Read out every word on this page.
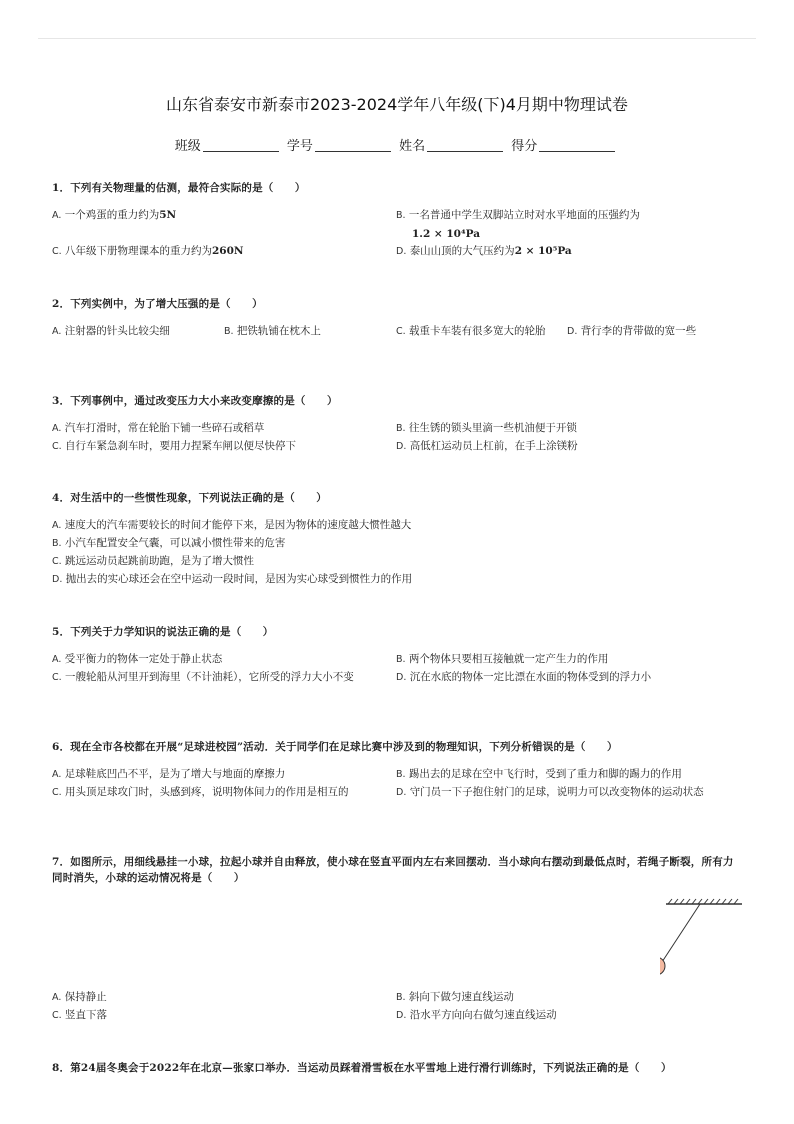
山东省泰安市新泰市2023-2024学年八年级(下)4月期中物理试卷
班级	学号	姓名	得分
1．下列有关物理量的估测，最符合实际的是（　　）
A. 一个鸡蛋的重力约为5N	B. 一名普通中学生双脚站立时对水平地面的压强约为
1.2 × 10⁴Pa
C. 八年级下册物理课本的重力约为260N	D. 泰山山顶的大气压约为2 × 10⁵Pa
2．下列实例中，为了增大压强的是（　　）
A. 注射器的针头比较尖细	B. 把铁轨铺在枕木上	C. 载重卡车装有很多宽大的轮胎	D. 背行李的背带做的宽一些
3．下列事例中，通过改变压力大小来改变摩擦的是（　　）
A. 汽车打滑时，常在轮胎下铺一些碎石或稻草	B. 往生锈的锁头里滴一些机油便于开锁
C. 自行车紧急刹车时，要用力捏紧车闸以便尽快停下	D. 高低杠运动员上杠前，在手上涂镁粉
4．对生活中的一些惯性现象，下列说法正确的是（　　）
A. 速度大的汽车需要较长的时间才能停下来，是因为物体的速度越大惯性越大
B. 小汽车配置安全气囊，可以减小惯性带来的危害
C. 跳远运动员起跳前助跑，是为了增大惯性
D. 抛出去的实心球还会在空中运动一段时间，是因为实心球受到惯性力的作用
5．下列关于力学知识的说法正确的是（　　）
A. 受平衡力的物体一定处于静止状态	B. 两个物体只要相互接触就一定产生力的作用
C. 一艘轮船从河里开到海里（不计油耗），它所受的浮力大小不变	D. 沉在水底的物体一定比漂在水面的物体受到的浮力小
6．现在全市各校都在开展“足球进校园”活动．关于同学们在足球比赛中涉及到的物理知识，下列分析错误的是（　　）
A. 足球鞋底凹凸不平，是为了增大与地面的摩擦力	B. 踢出去的足球在空中飞行时，受到了重力和脚的踢力的作用
C. 用头顶足球攻门时，头感到疼，说明物体间力的作用是相互的	D. 守门员一下子抱住射门的足球，说明力可以改变物体的运动状态
7．如图所示，用细线悬挂一小球，拉起小球并自由释放，使小球在竖直平面内左右来回摆动．当小球向右摆动到最低点时，若绳子断裂，所有力同时消失，小球的运动情况将是（　　）
A. 保持静止	B. 斜向下做匀速直线运动
C. 竖直下落	D. 沿水平方向向右做匀速直线运动
8．第24届冬奥会于2022年在北京—张家口举办．当运动员踩着滑雪板在水平雪地上进行滑行训练时，下列说法正确的是（　　）
